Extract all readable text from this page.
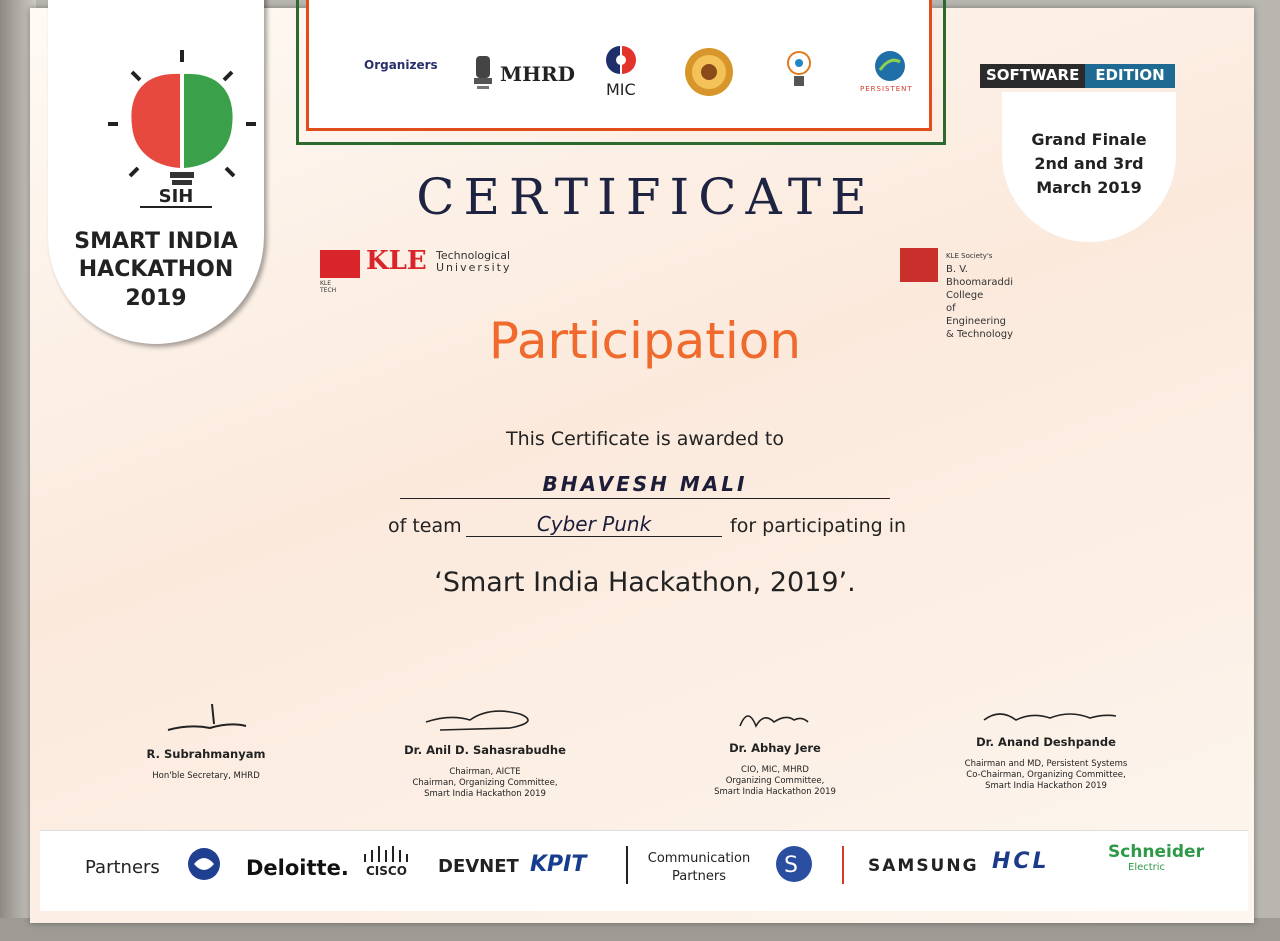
Organizers	MHRD
MIC	PERSISTENT
SIH
SMART INDIA
HACKATHON
2019
SOFTWARE	EDITION
Grand Finale
2nd and 3rd
March 2019
CERTIFICATE
KLE TECH
KLE Technological
University
KLE Society's
B. V. Bhoomaraddi College
of Engineering & Technology
Participation
This Certificate is awarded to
BHAVESH MALI
of team	Cyber Punk	for participating in
‘Smart India Hackathon, 2019’.
R. Subrahmanyam
Hon'ble Secretary, MHRD
Dr. Anil D. Sahasrabudhe
Chairman, AICTE
Chairman, Organizing Committee,
Smart India Hackathon 2019
Dr. Abhay Jere
CIO, MIC, MHRD
Organizing Committee,
Smart India Hackathon 2019
Dr. Anand Deshpande
Chairman and MD, Persistent Systems
Co-Chairman, Organizing Committee,
Smart India Hackathon 2019
Partners	Deloitte. CISCO DEVNET KPIT	Communication
Partners	S	SAMSUNG HCL	Schneider
Electric
